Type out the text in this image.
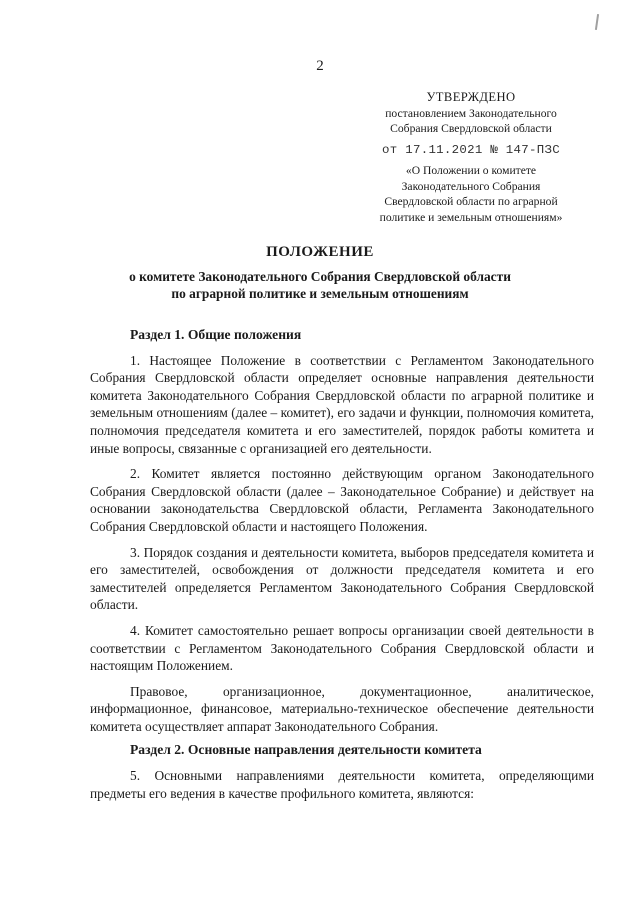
2
УТВЕРЖДЕНО
постановлением Законодательного
Собрания Свердловской области
от 17.11.2021 № 147-ПЗС
«О Положении о комитете
Законодательного Собрания
Свердловской области по аграрной
политике и земельным отношениям»
ПОЛОЖЕНИЕ
о комитете Законодательного Собрания Свердловской области
по аграрной политике и земельным отношениям
Раздел 1. Общие положения

1. Настоящее Положение в соответствии с Регламентом Законодательного Собрания Свердловской области определяет основные направления деятельности комитета Законодательного Собрания Свердловской области по аграрной политике и земельным отношениям (далее – комитет), его задачи и функции, полномочия комитета, полномочия председателя комитета и его заместителей, порядок работы комитета и иные вопросы, связанные с организацией его деятельности.

2. Комитет является постоянно действующим органом Законодательного Собрания Свердловской области (далее – Законодательное Собрание) и действует на основании законодательства Свердловской области, Регламента Законодательного Собрания Свердловской области и настоящего Положения.

3. Порядок создания и деятельности комитета, выборов председателя комитета и его заместителей, освобождения от должности председателя комитета и его заместителей определяется Регламентом Законодательного Собрания Свердловской области.

4. Комитет самостоятельно решает вопросы организации своей деятельности в соответствии с Регламентом Законодательного Собрания Свердловской области и настоящим Положением.

Правовое, организационное, документационное, аналитическое, информационное, финансовое, материально-техническое обеспечение деятельности комитета осуществляет аппарат Законодательного Собрания.

Раздел 2. Основные направления деятельности комитета

5. Основными направлениями деятельности комитета, определяющими предметы его ведения в качестве профильного комитета, являются:
